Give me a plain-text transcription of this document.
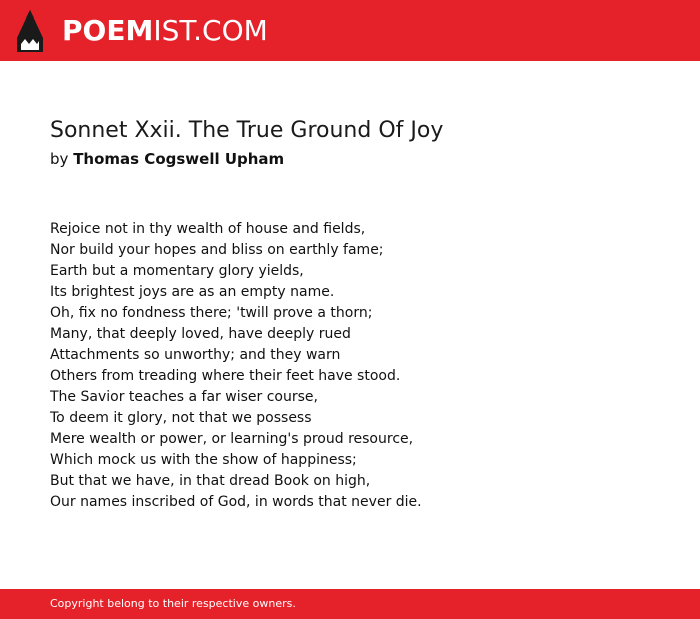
POEMIST.COM
Sonnet Xxii. The True Ground Of Joy
by Thomas Cogswell Upham
Rejoice not in thy wealth of house and fields,
Nor build your hopes and bliss on earthly fame;
Earth but a momentary glory yields,
Its brightest joys are as an empty name.
Oh, fix no fondness there; 'twill prove a thorn;
Many, that deeply loved, have deeply rued
Attachments so unworthy; and they warn
Others from treading where their feet have stood.
The Savior teaches a far wiser course,
To deem it glory, not that we possess
Mere wealth or power, or learning's proud resource,
Which mock us with the show of happiness;
But that we have, in that dread Book on high,
Our names inscribed of God, in words that never die.
Copyright belong to their respective owners.
